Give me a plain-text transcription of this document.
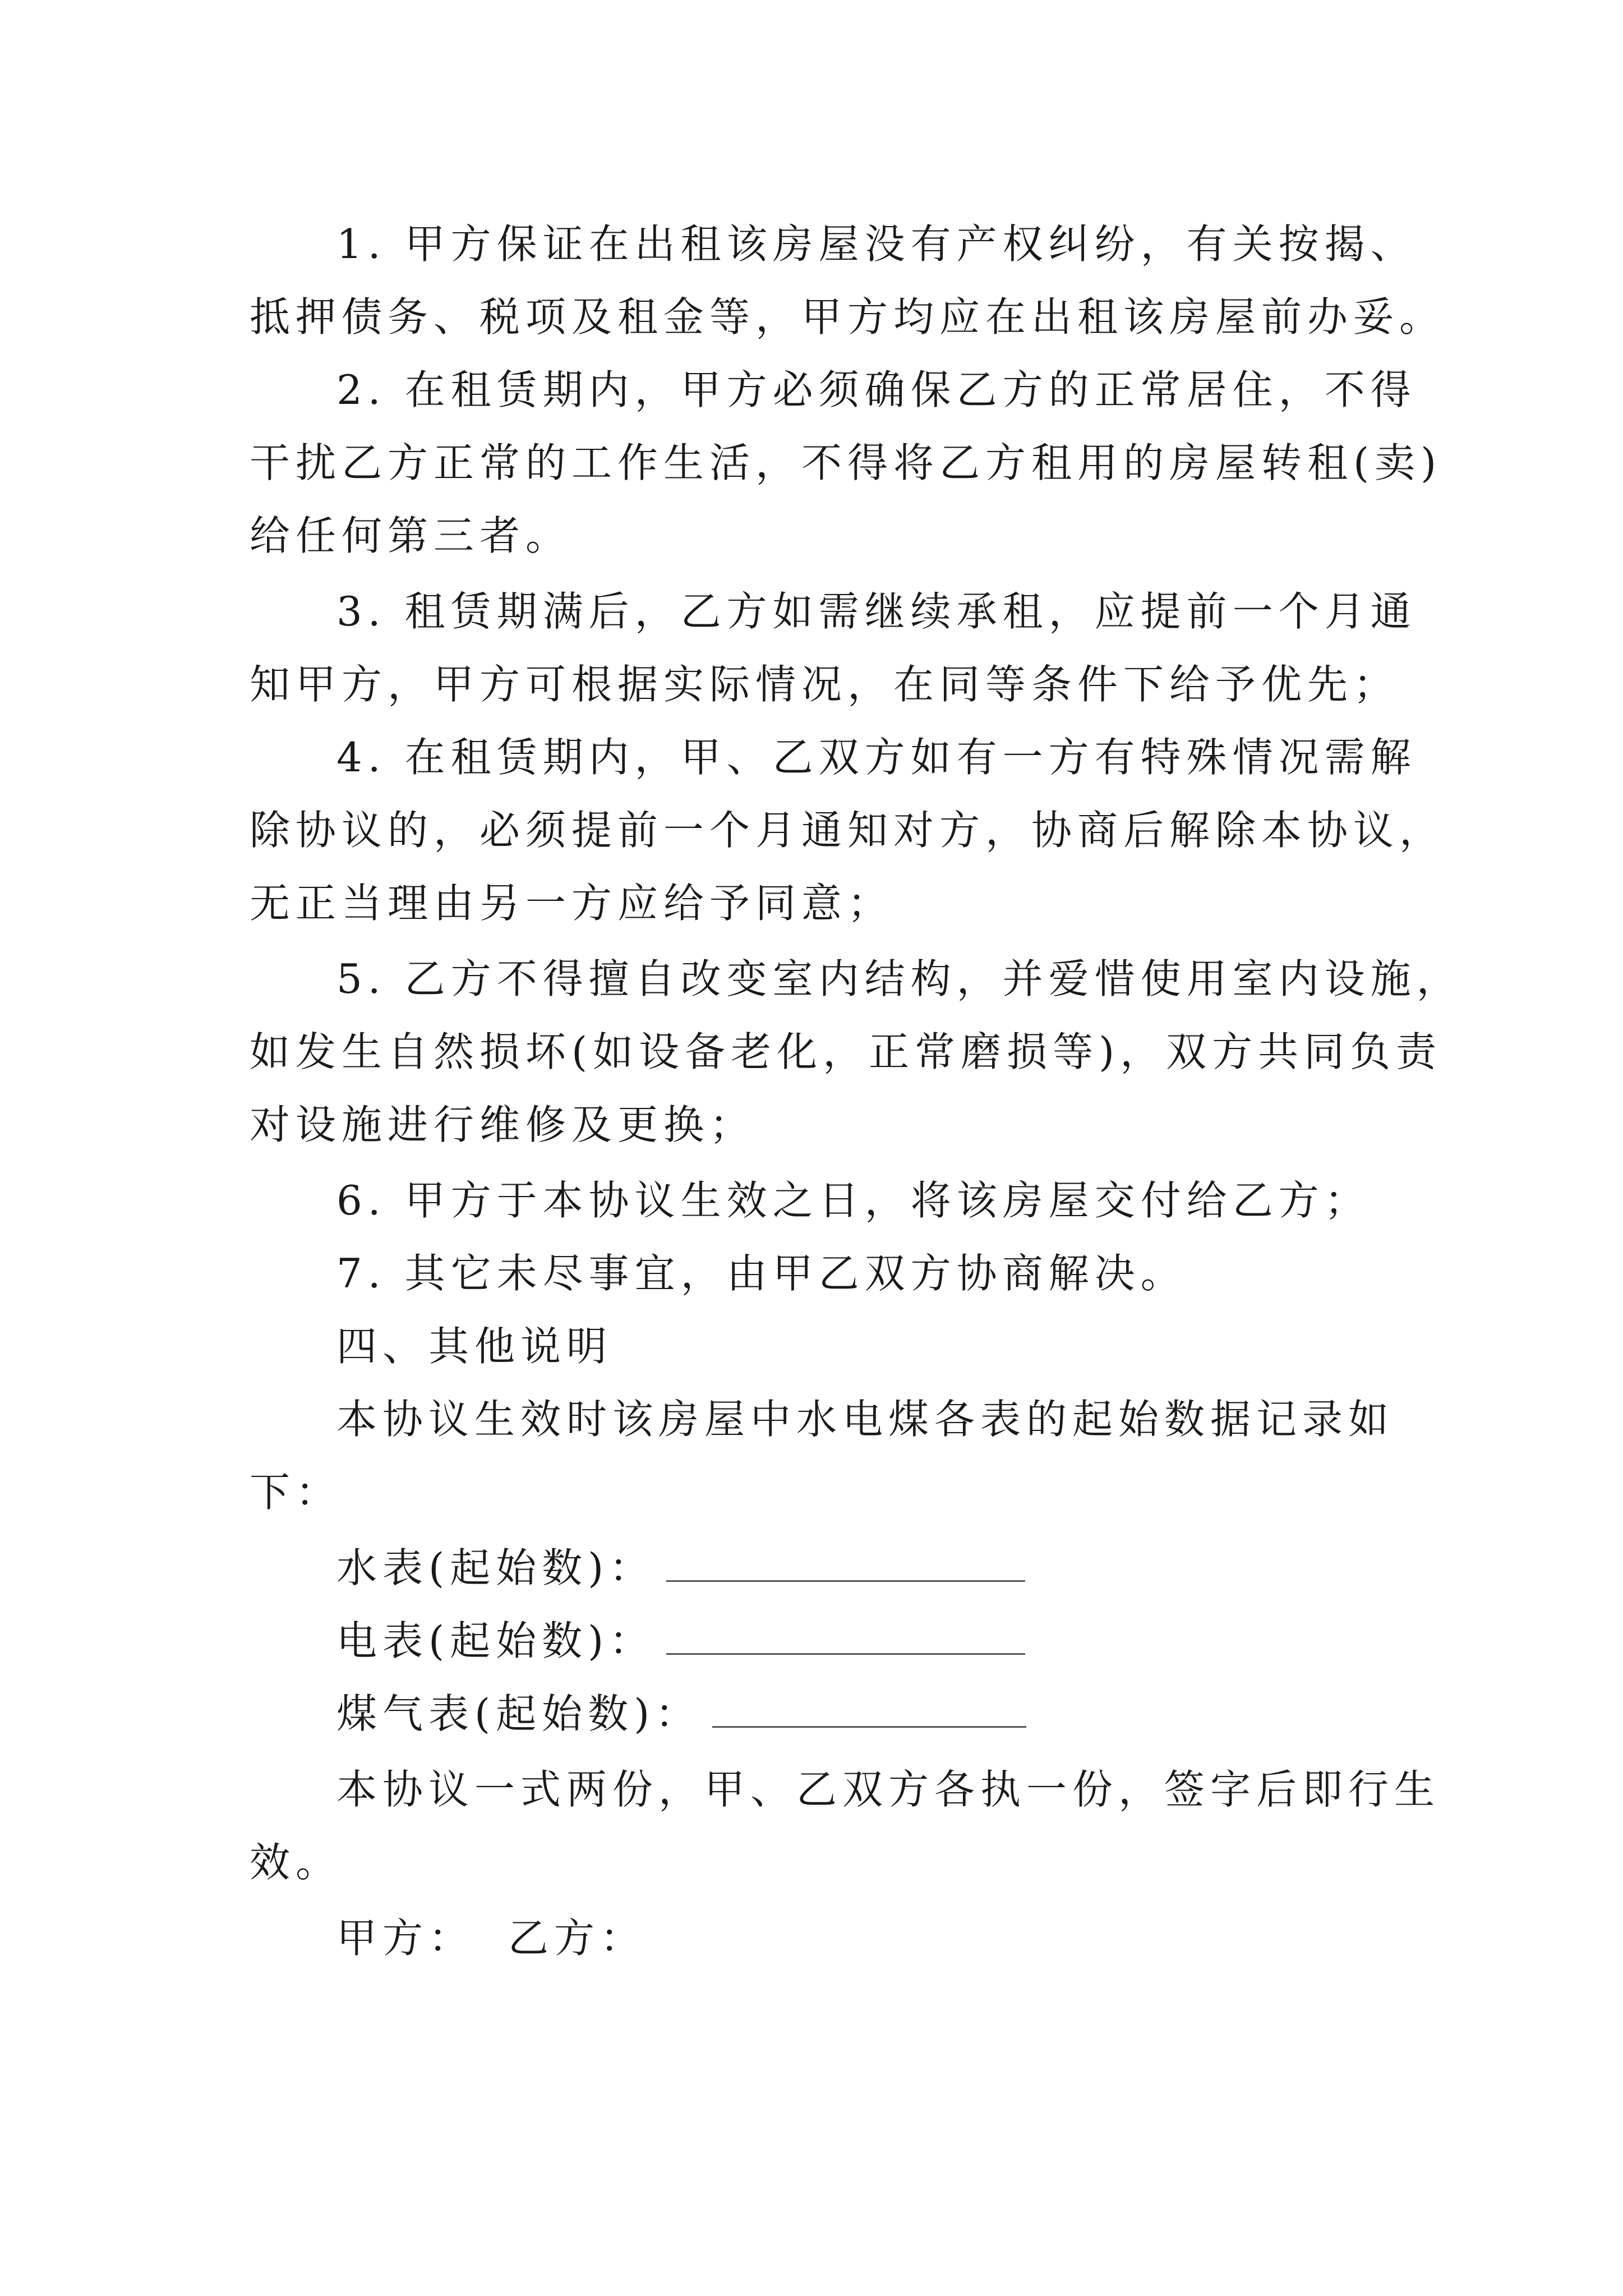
1. 甲方保证在出租该房屋没有产权纠纷，有关按揭、
抵押债务、税项及租金等，甲方均应在出租该房屋前办妥。
2. 在租赁期内，甲方必须确保乙方的正常居住，不得
干扰乙方正常的工作生活，不得将乙方租用的房屋转租(卖)
给任何第三者。
3. 租赁期满后，乙方如需继续承租，应提前一个月通
知甲方，甲方可根据实际情况，在同等条件下给予优先；
4. 在租赁期内，甲、乙双方如有一方有特殊情况需解
除协议的，必须提前一个月通知对方，协商后解除本协议，
无正当理由另一方应给予同意；
5. 乙方不得擅自改变室内结构，并爱惜使用室内设施，
如发生自然损坏(如设备老化，正常磨损等)，双方共同负责
对设施进行维修及更换；
6. 甲方于本协议生效之日，将该房屋交付给乙方；
7. 其它未尽事宜，由甲乙双方协商解决。
四、其他说明
本协议生效时该房屋中水电煤各表的起始数据记录如
下：
水表(起始数)：
电表(起始数)：
煤气表(起始数)：
本协议一式两份，甲、乙双方各执一份，签字后即行生
效。
甲方： 乙方：
